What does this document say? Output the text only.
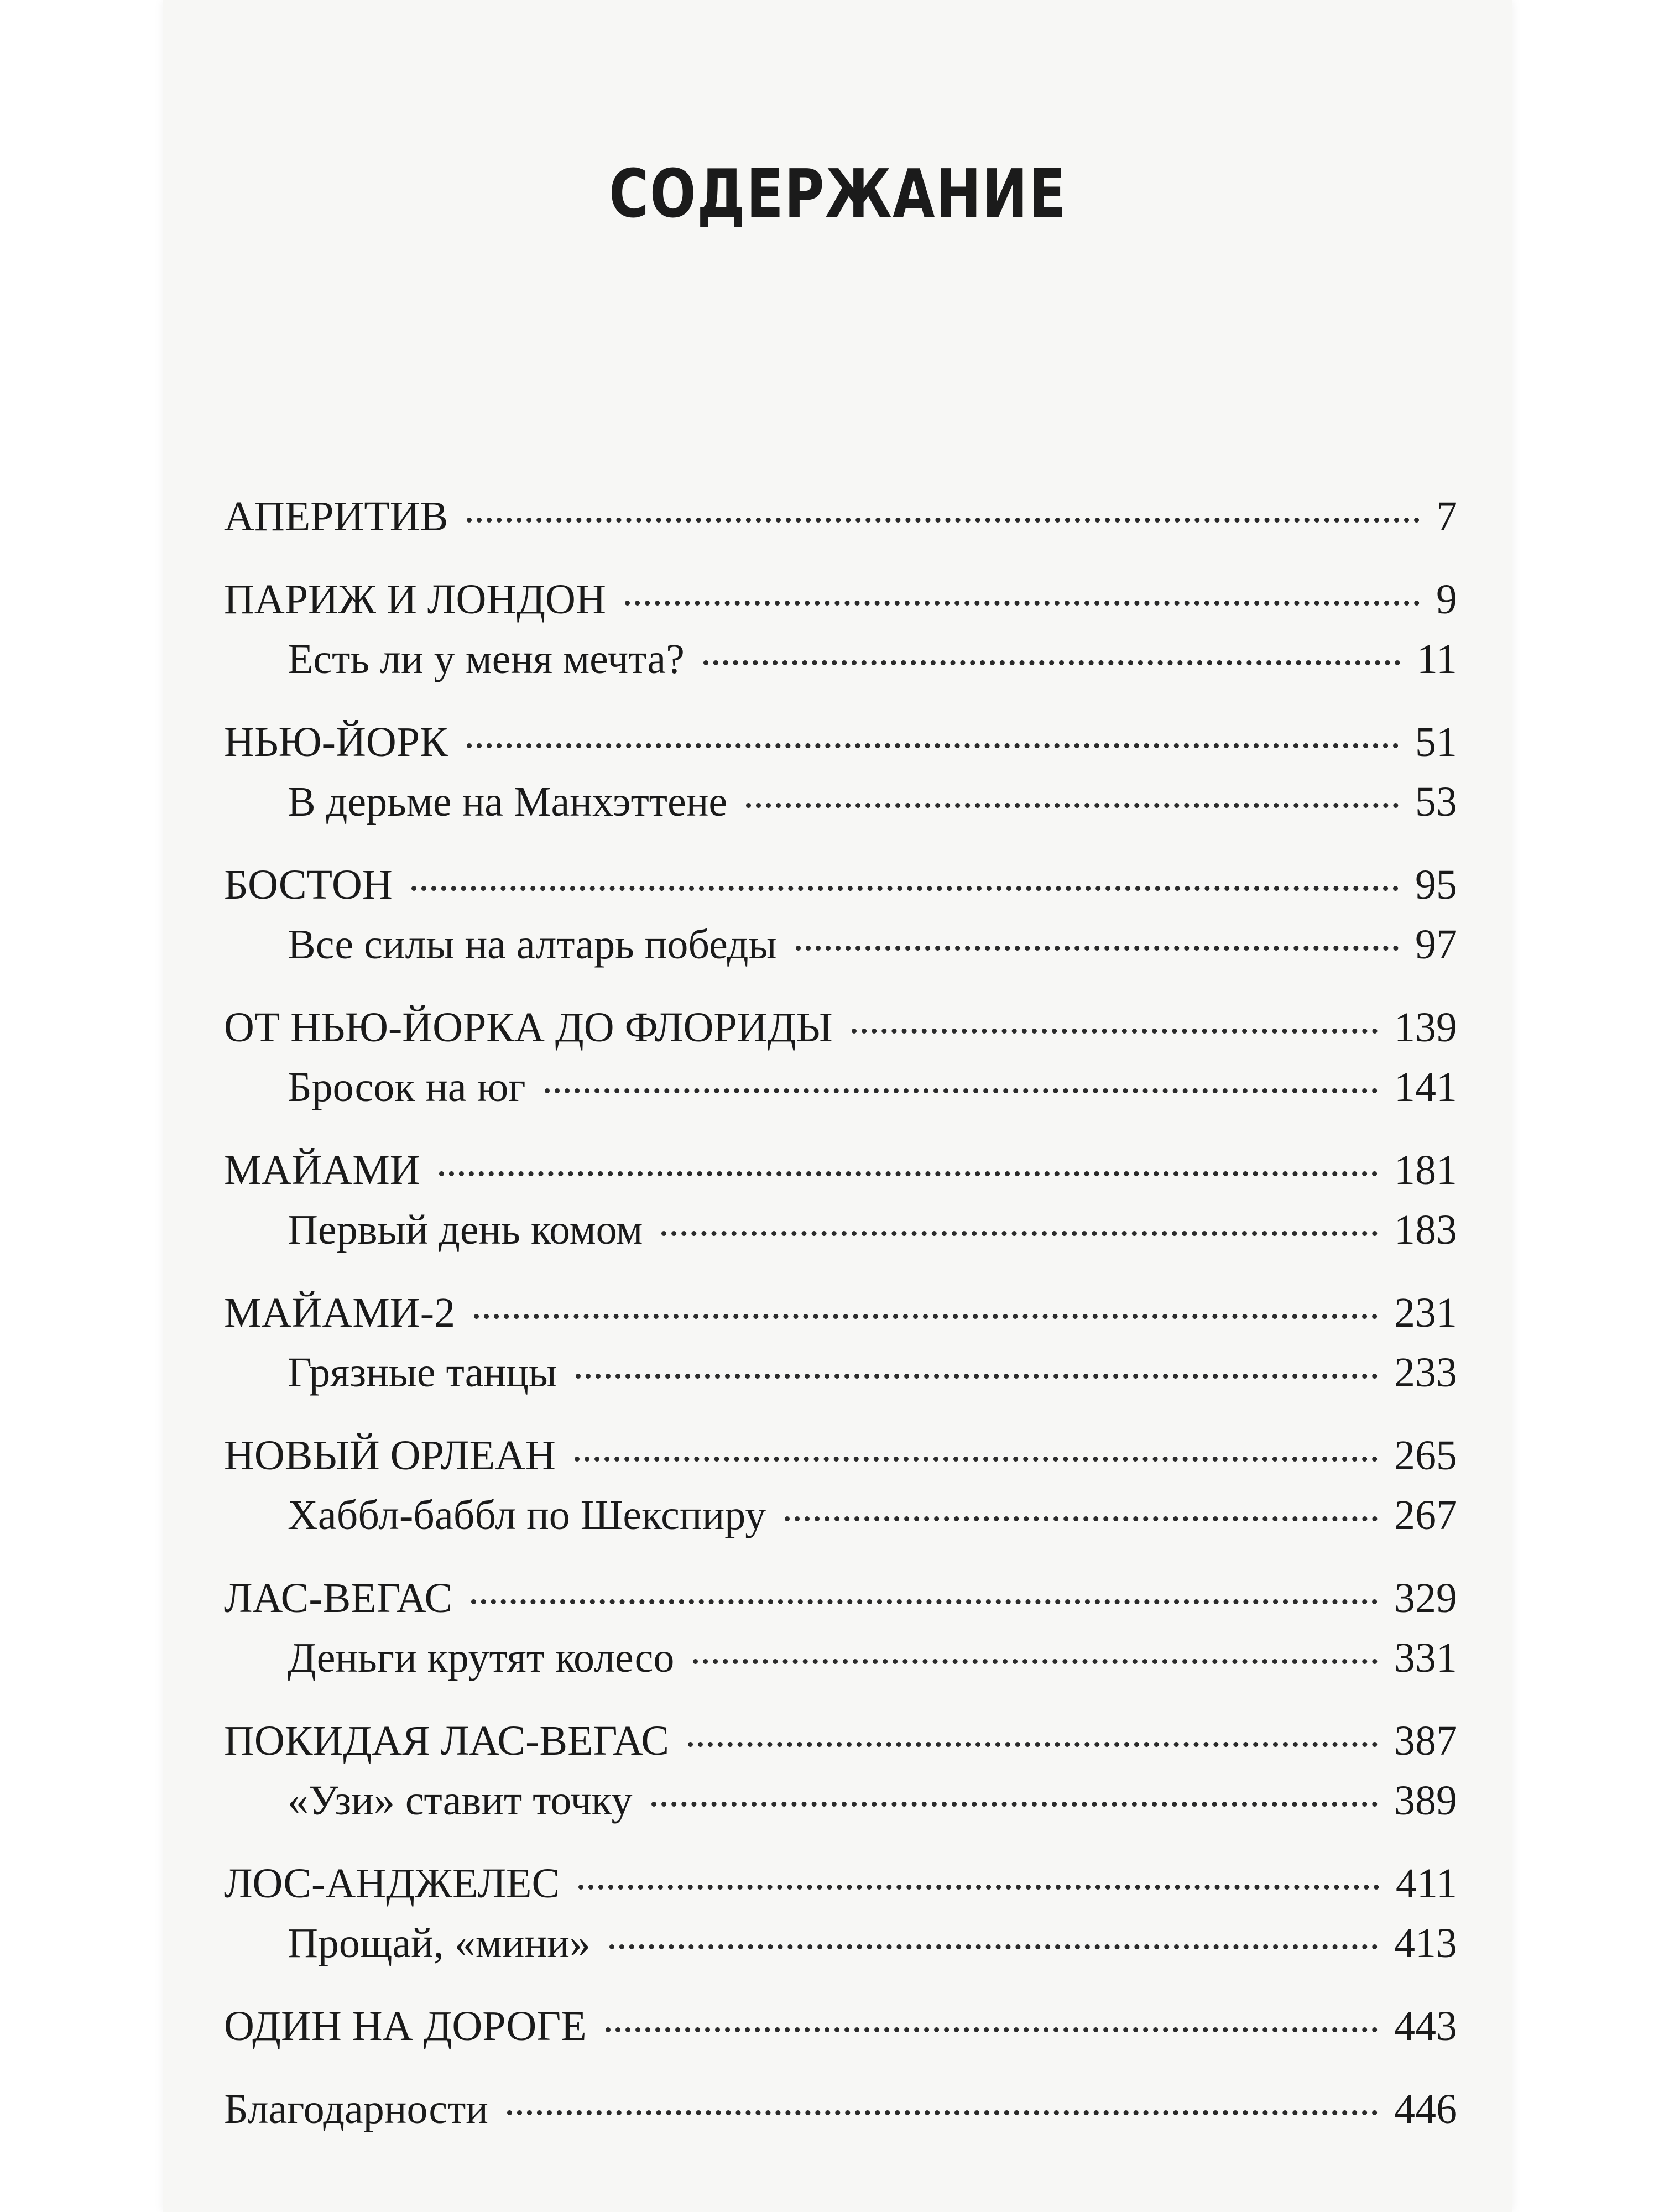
СОДЕРЖАНИЕ
АПЕРИТИВ	7
ПАРИЖ И ЛОНДОН	9
Есть ли у меня мечта?	11
НЬЮ-ЙОРК	51
В дерьме на Манхэттене	53
БОСТОН	95
Все силы на алтарь победы	97
ОТ НЬЮ-ЙОРКА ДО ФЛОРИДЫ	139
Бросок на юг	141
МАЙАМИ	181
Первый день комом	183
МАЙАМИ-2	231
Грязные танцы	233
НОВЫЙ ОРЛЕАН	265
Хаббл-баббл по Шекспиру	267
ЛАС-ВЕГАС	329
Деньги крутят колесо	331
ПОКИДАЯ ЛАС-ВЕГАС	387
«Узи» ставит точку	389
ЛОС-АНДЖЕЛЕС	411
Прощай, «мини»	413
ОДИН НА ДОРОГЕ	443
Благодарности	446
